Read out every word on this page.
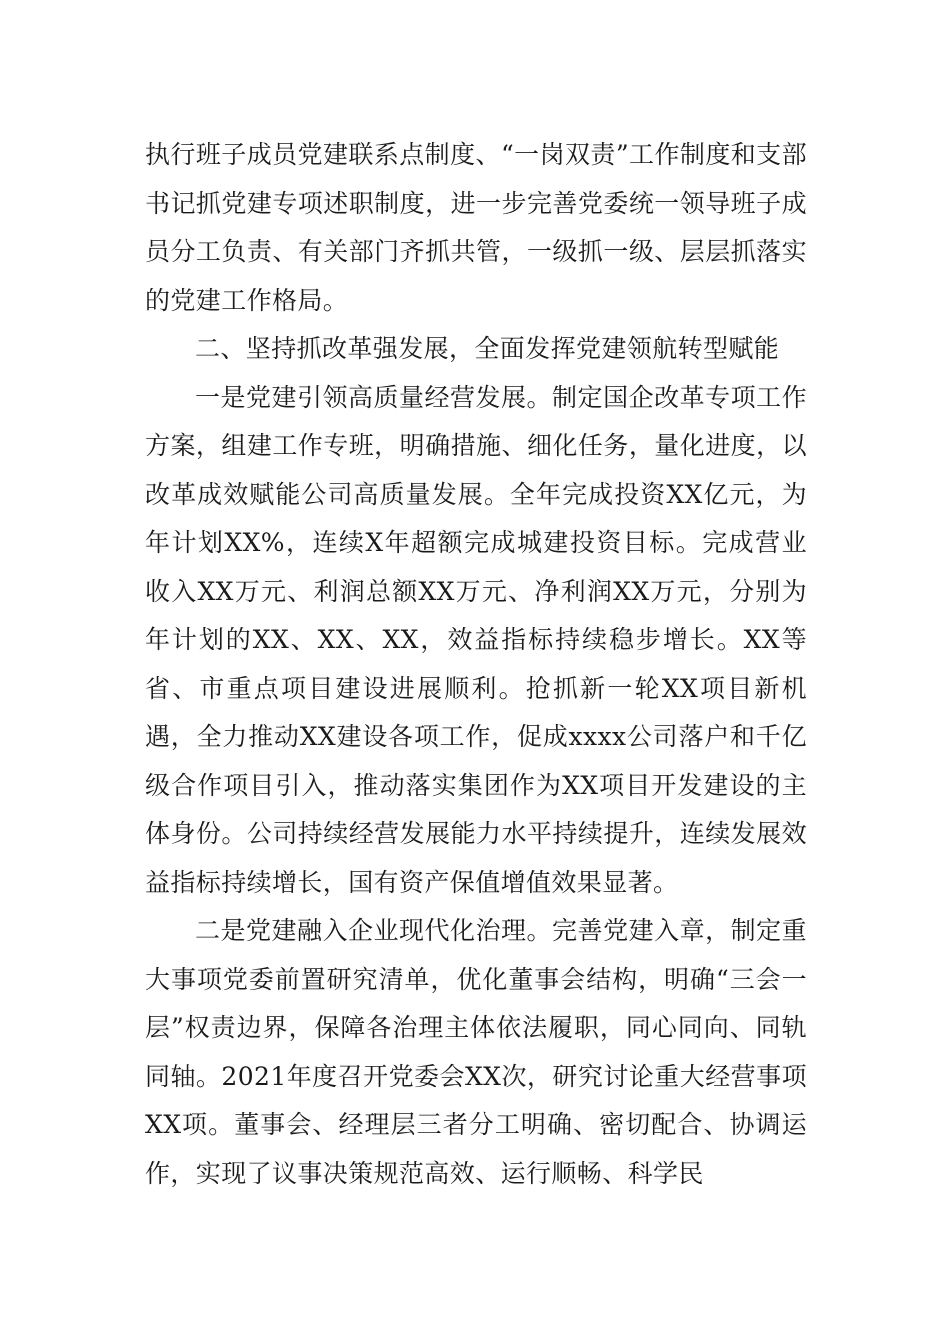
执行班子成员党建联系点制度、“一岗双责”工作制度和支部书记抓党建专项述职制度，进一步完善党委统一领导班子成员分工负责、有关部门齐抓共管，一级抓一级、层层抓落实的党建工作格局。

二、坚持抓改革强发展，全面发挥党建领航转型赋能

一是党建引领高质量经营发展。制定国企改革专项工作方案，组建工作专班，明确措施、细化任务，量化进度，以改革成效赋能公司高质量发展。全年完成投资XX亿元，为年计划XX%，连续X年超额完成城建投资目标。完成营业收入XX万元、利润总额XX万元、净利润XX万元，分别为年计划的XX、XX、XX，效益指标持续稳步增长。XX等省、市重点项目建设进展顺利。抢抓新一轮XX项目新机遇，全力推动XX建设各项工作，促成xxxx公司落户和千亿级合作项目引入，推动落实集团作为XX项目开发建设的主体身份。公司持续经营发展能力水平持续提升，连续发展效益指标持续增长，国有资产保值增值效果显著。

二是党建融入企业现代化治理。完善党建入章，制定重大事项党委前置研究清单，优化董事会结构，明确“三会一层”权责边界，保障各治理主体依法履职，同心同向、同轨同轴。2021年度召开党委会XX次，研究讨论重大经营事项XX项。董事会、经理层三者分工明确、密切配合、协调运作，实现了议事决策规范高效、运行顺畅、科学民
